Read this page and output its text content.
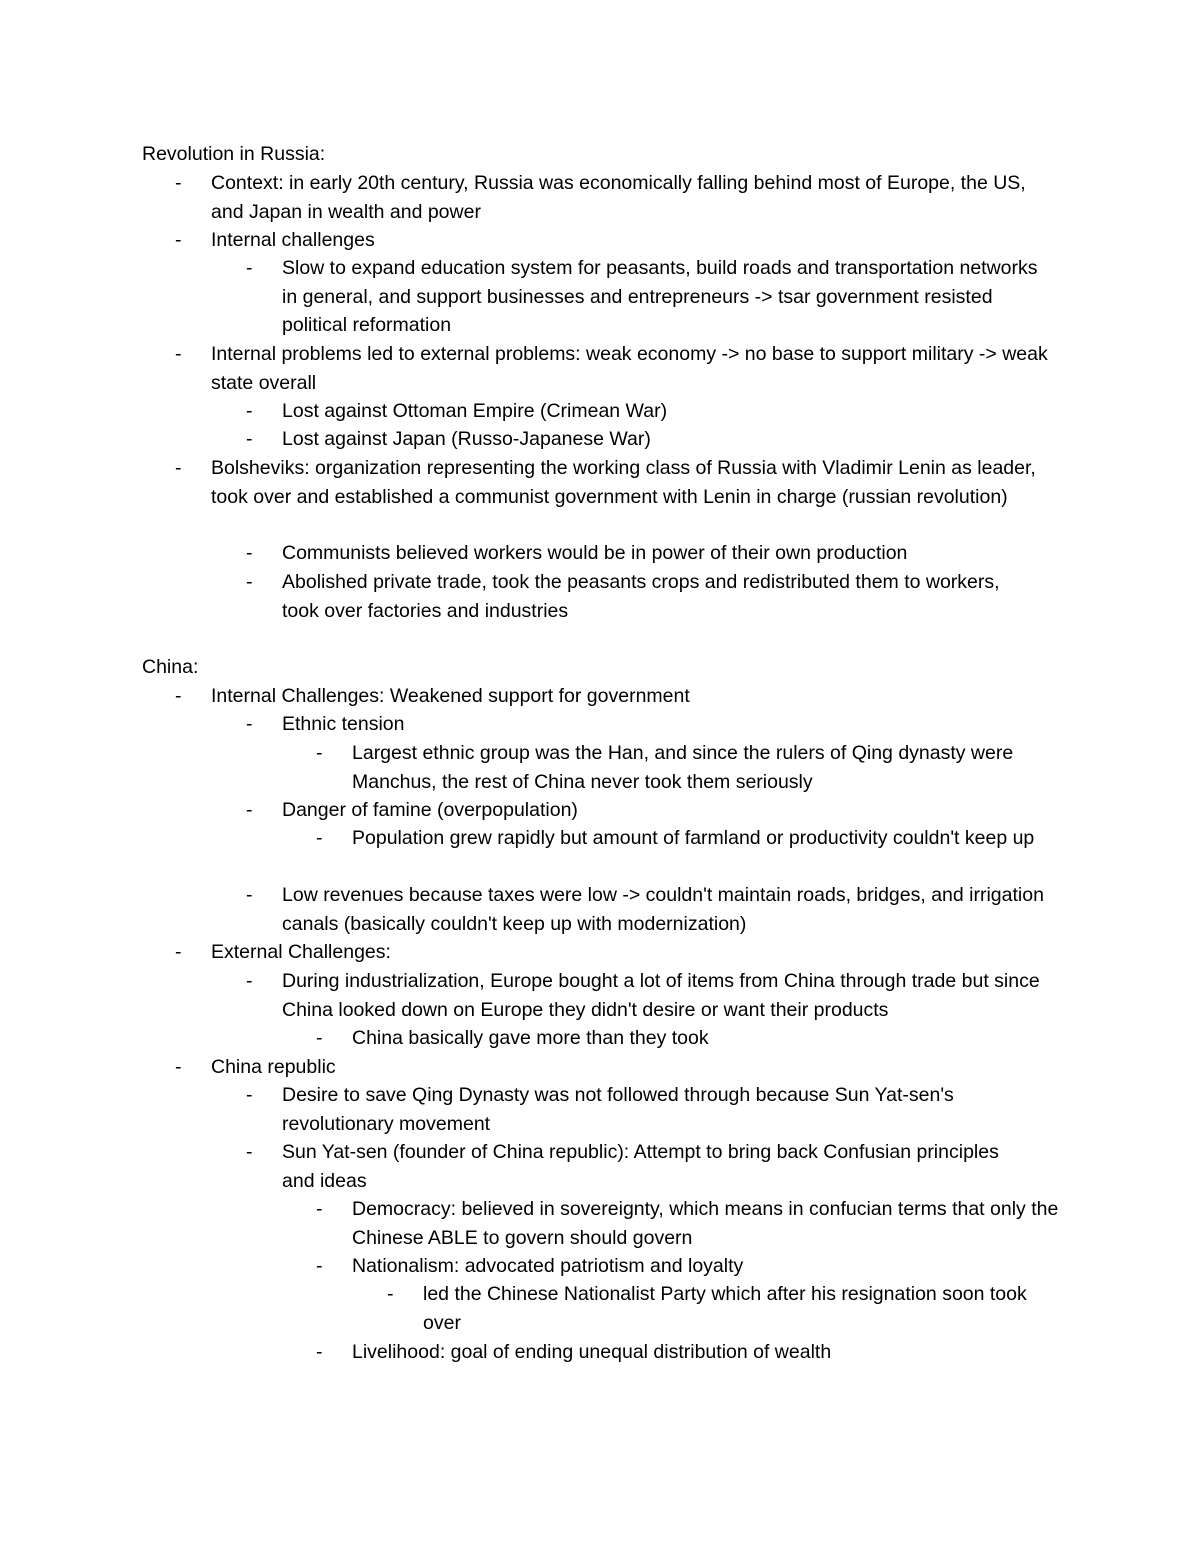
Revolution in Russia:
- Context: in early 20th century, Russia was economically falling behind most of Europe, the US, and Japan in wealth and power
- Internal challenges
- Slow to expand education system for peasants, build roads and transportation networks in general, and support businesses and entrepreneurs -> tsar government resisted political reformation
- Internal problems led to external problems: weak economy -> no base to support military -> weak state overall
- Lost against Ottoman Empire (Crimean War)
- Lost against Japan (Russo-Japanese War)
- Bolsheviks: organization representing the working class of Russia with Vladimir Lenin as leader, took over and established a communist government with Lenin in charge (russian revolution)
- Communists believed workers would be in power of their own production
- Abolished private trade, took the peasants crops and redistributed them to workers, took over factories and industries
China:
- Internal Challenges: Weakened support for government
- Ethnic tension
- Largest ethnic group was the Han, and since the rulers of Qing dynasty were Manchus, the rest of China never took them seriously
- Danger of famine (overpopulation)
- Population grew rapidly but amount of farmland or productivity couldn't keep up
- Low revenues because taxes were low -> couldn't maintain roads, bridges, and irrigation canals (basically couldn't keep up with modernization)
- External Challenges:
- During industrialization, Europe bought a lot of items from China through trade but since China looked down on Europe they didn't desire or want their products
- China basically gave more than they took
- China republic
- Desire to save Qing Dynasty was not followed through because Sun Yat-sen's revolutionary movement
- Sun Yat-sen (founder of China republic): Attempt to bring back Confusian principles and ideas
- Democracy: believed in sovereignty, which means in confucian terms that only the Chinese ABLE to govern should govern
- Nationalism: advocated patriotism and loyalty
- led the Chinese Nationalist Party which after his resignation soon took over
- Livelihood: goal of ending unequal distribution of wealth
